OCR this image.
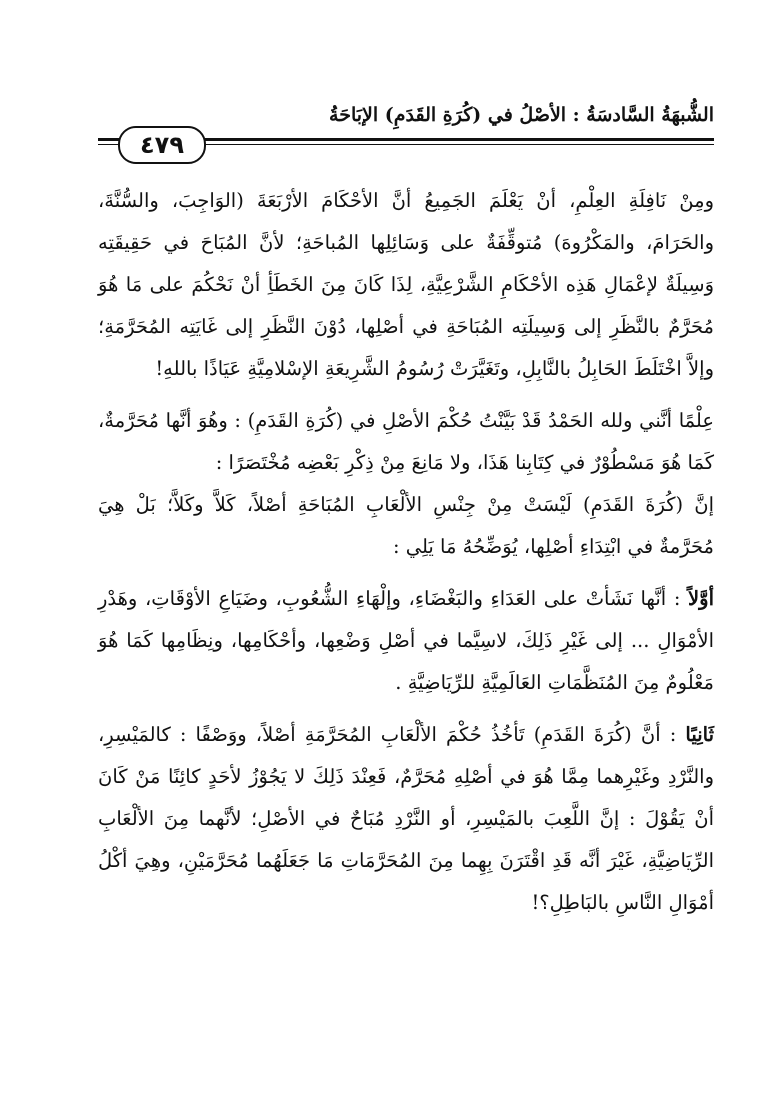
الشُّبهَةُ السَّادسَةُ : الأصْلُ في (كُرَةِ القَدَمِ) الإبَاحَةُ
٤٧٩

ومِنْ نَافِلَةِ العِلْمِ، أنْ يَعْلَمَ الجَمِيعُ أنَّ الأحْكَامَ الأرْبَعَةَ (الوَاجِبَ، والسُّنَّةَ، والحَرَامَ، والمَكْرُوهَ) مُتوقِّفَةٌ على وَسَائِلِها المُباحَةِ؛ لأنَّ المُبَاحَ في حَقِيقَتِه وَسِيلَةٌ لإعْمَالِ هَذِه الأحْكَامِ الشَّرْعِيَّةِ، لِذَا كَانَ مِنَ الخَطَأِ أنْ نَحْكُمَ على مَا هُوَ مُحَرَّمٌ بالنَّظَرِ إلى وَسِيلَتِه المُبَاحَةِ في أصْلِها، دُوْنَ النَّظَرِ إلى غَايَتِه المُحَرَّمَةِ؛ وإلاَّ اخْتَلَطَ الحَابِلُ بالنَّابِلِ، وتَغَيَّرَتْ رُسُومُ الشَّرِيعَةِ الإسْلامِيَّةِ عَيَاذًا باللهِ!

عِلْمًا أنَّني ولله الحَمْدُ قَدْ بَيَّنْتُ حُكْمَ الأصْلِ في (كُرَةِ القَدَمِ) : وهُوَ أنَّها مُحَرَّمةٌ، كَمَا هُوَ مَسْطُوْرٌ في كِتَابِنا هَذَا، ولا مَانِعَ مِنْ ذِكْرِ بَعْضِه مُخْتَصَرًا :

إنَّ (كُرَةَ القَدَمِ) لَيْسَتْ مِنْ جِنْسِ الألْعَابِ المُبَاحَةِ أصْلاً، كَلاَّ وكَلاَّ؛ بَلْ هِيَ مُحَرَّمةٌ في ابْتِدَاءِ أصْلِها، يُوَضِّحُهُ مَا يَلِي :

أوَّلاً : أنَّها نَشَأتْ على العَدَاءِ والبَغْضَاءِ، وإلْهَاءِ الشُّعُوبِ، وضَيَاعِ الأوْقَاتِ، وهَدْرِ الأمْوَالِ ... إلى غَيْرِ ذَلِكَ، لاسِيَّما في أصْلِ وَضْعِها، وأحْكَامِها، ونِظَامِها كَمَا هُوَ مَعْلُومٌ مِنَ المُنَظَّمَاتِ العَالَمِيَّةِ للرِّيَاضِيَّةِ .

ثَانِيًا : أنَّ (كُرَةَ القَدَمِ) تَأخُذُ حُكْمَ الألْعَابِ المُحَرَّمَةِ أصْلاً، ووَصْفًا : كالمَيْسِرِ، والنَّرْدِ وغَيْرِهما مِمَّا هُوَ في أصْلِهِ مُحَرَّمٌ، فَعِنْدَ ذَلِكَ لا يَجُوْزُ لأحَدٍ كائِنًا مَنْ كَانَ أنْ يَقُوْلَ : إنَّ اللَّعِبَ بالمَيْسِرِ، أو النَّرْدِ مُبَاحٌ في الأصْلِ؛ لأنَّهما مِنَ الألْعَابِ الرِّيَاضِيَّةِ، غَيْرَ أنَّه قَدِ اقْتَرَنَ بِهِما مِنَ المُحَرَّمَاتِ مَا جَعَلَهُما مُحَرَّمَيْنِ، وهِيَ أكْلُ أمْوَالِ النَّاسِ بالبَاطِلِ؟!
